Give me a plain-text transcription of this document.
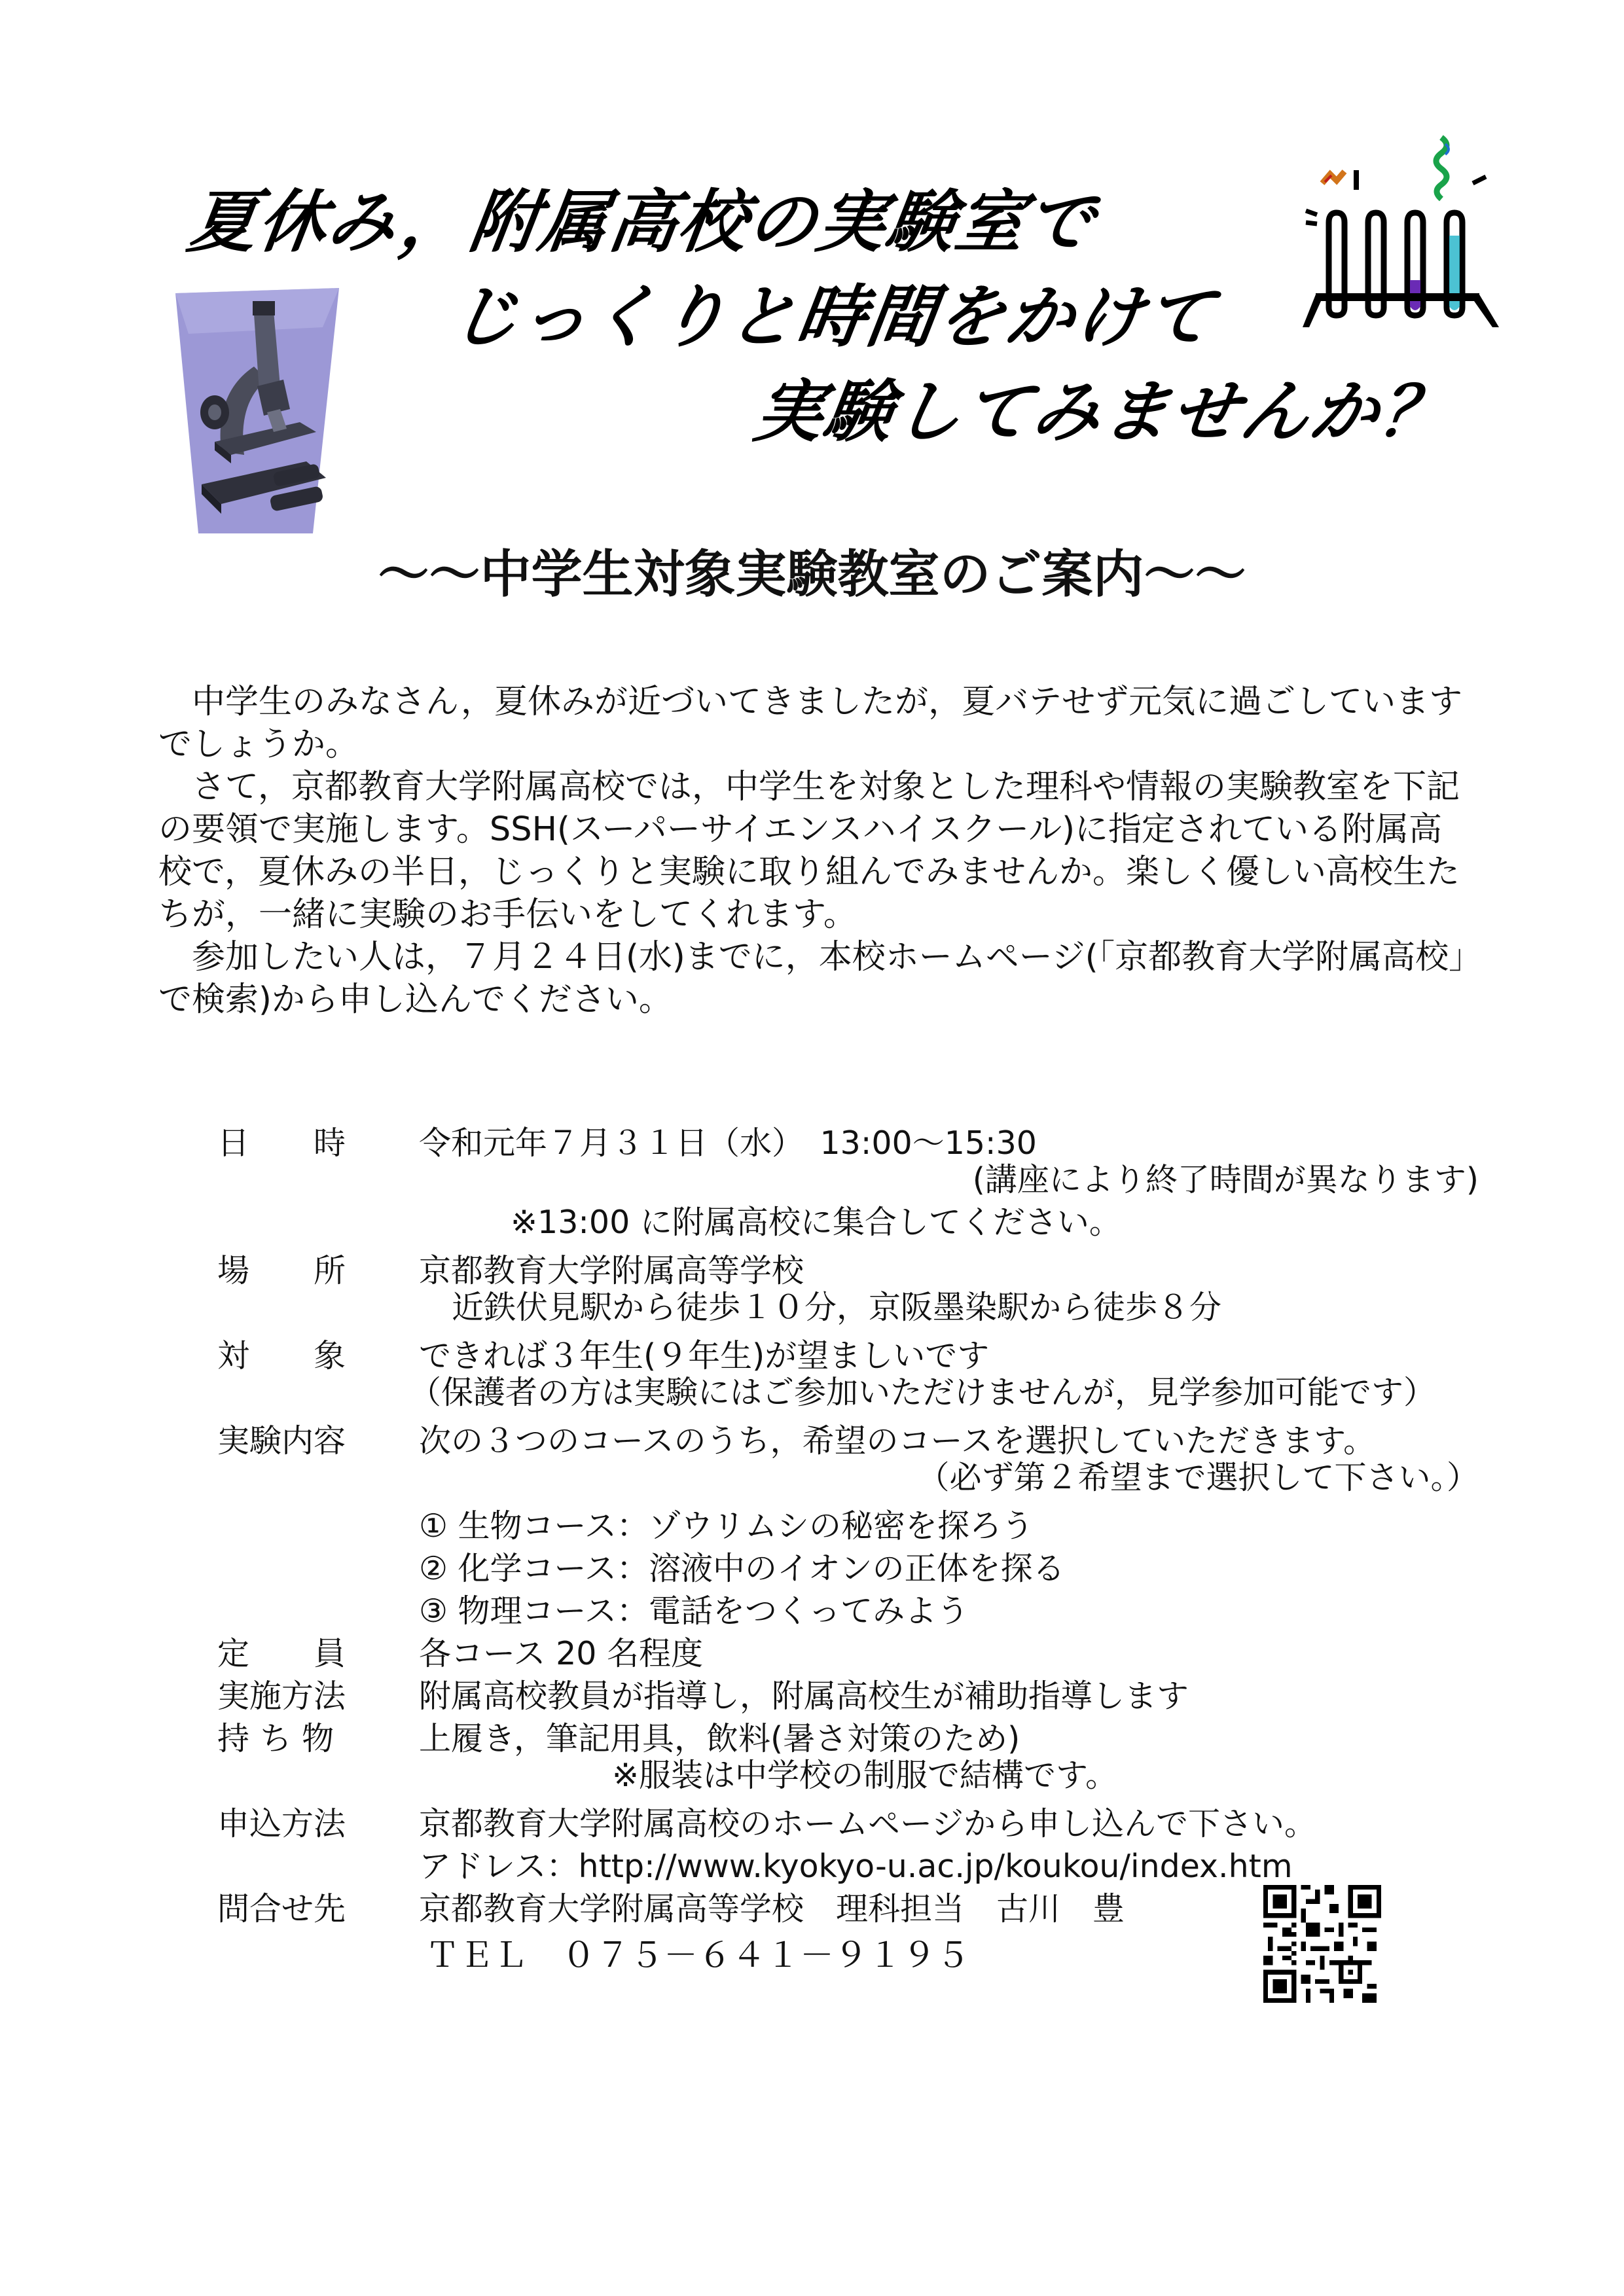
夏休み，附属高校の実験室で
じっくりと時間をかけて
実験してみませんか？
～～中学生対象実験教室のご案内～～

中学生のみなさん，夏休みが近づいてきましたが，夏バテせず元気に過ごしていますでしょうか。

さて，京都教育大学附属高校では，中学生を対象とした理科や情報の実験教室を下記の要領で実施します。SSH(スーパーサイエンスハイスクール)に指定されている附属高校で，夏休みの半日，じっくりと実験に取り組んでみませんか。楽しく優しい高校生たちが，一緒に実験のお手伝いをしてくれます。

参加したい人は，７月２４日(水)までに，本校ホームページ(「京都教育大学附属高校」で検索)から申し込んでください。

日　　時 令和元年７月３１日（水）　13:00～15:30
(講座により終了時間が異なります)
※13:00 に附属高校に集合してください。
場　　所 京都教育大学附属高等学校
近鉄伏見駅から徒歩１０分，京阪墨染駅から徒歩８分
対　　象 できれば３年生(９年生)が望ましいです
（保護者の方は実験にはご参加いただけませんが，見学参加可能です）
実験内容 次の３つのコースのうち，希望のコースを選択していただきます。
（必ず第２希望まで選択して下さい。）
① 生物コース：ゾウリムシの秘密を探ろう
② 化学コース：溶液中のイオンの正体を探る
③ 物理コース：電話をつくってみよう
定　　員 各コース 20 名程度
実施方法 附属高校教員が指導し，附属高校生が補助指導します
持 ち 物	上履き，筆記用具，飲料(暑さ対策のため)
※服装は中学校の制服で結構です。
申込方法 京都教育大学附属高校のホームページから申し込んで下さい。
アドレス：http://www.kyokyo-u.ac.jp/koukou/index.htm
問合せ先 京都教育大学附属高等学校　理科担当　古川　豊
ＴＥＬ　０７５－６４１－９１９５
